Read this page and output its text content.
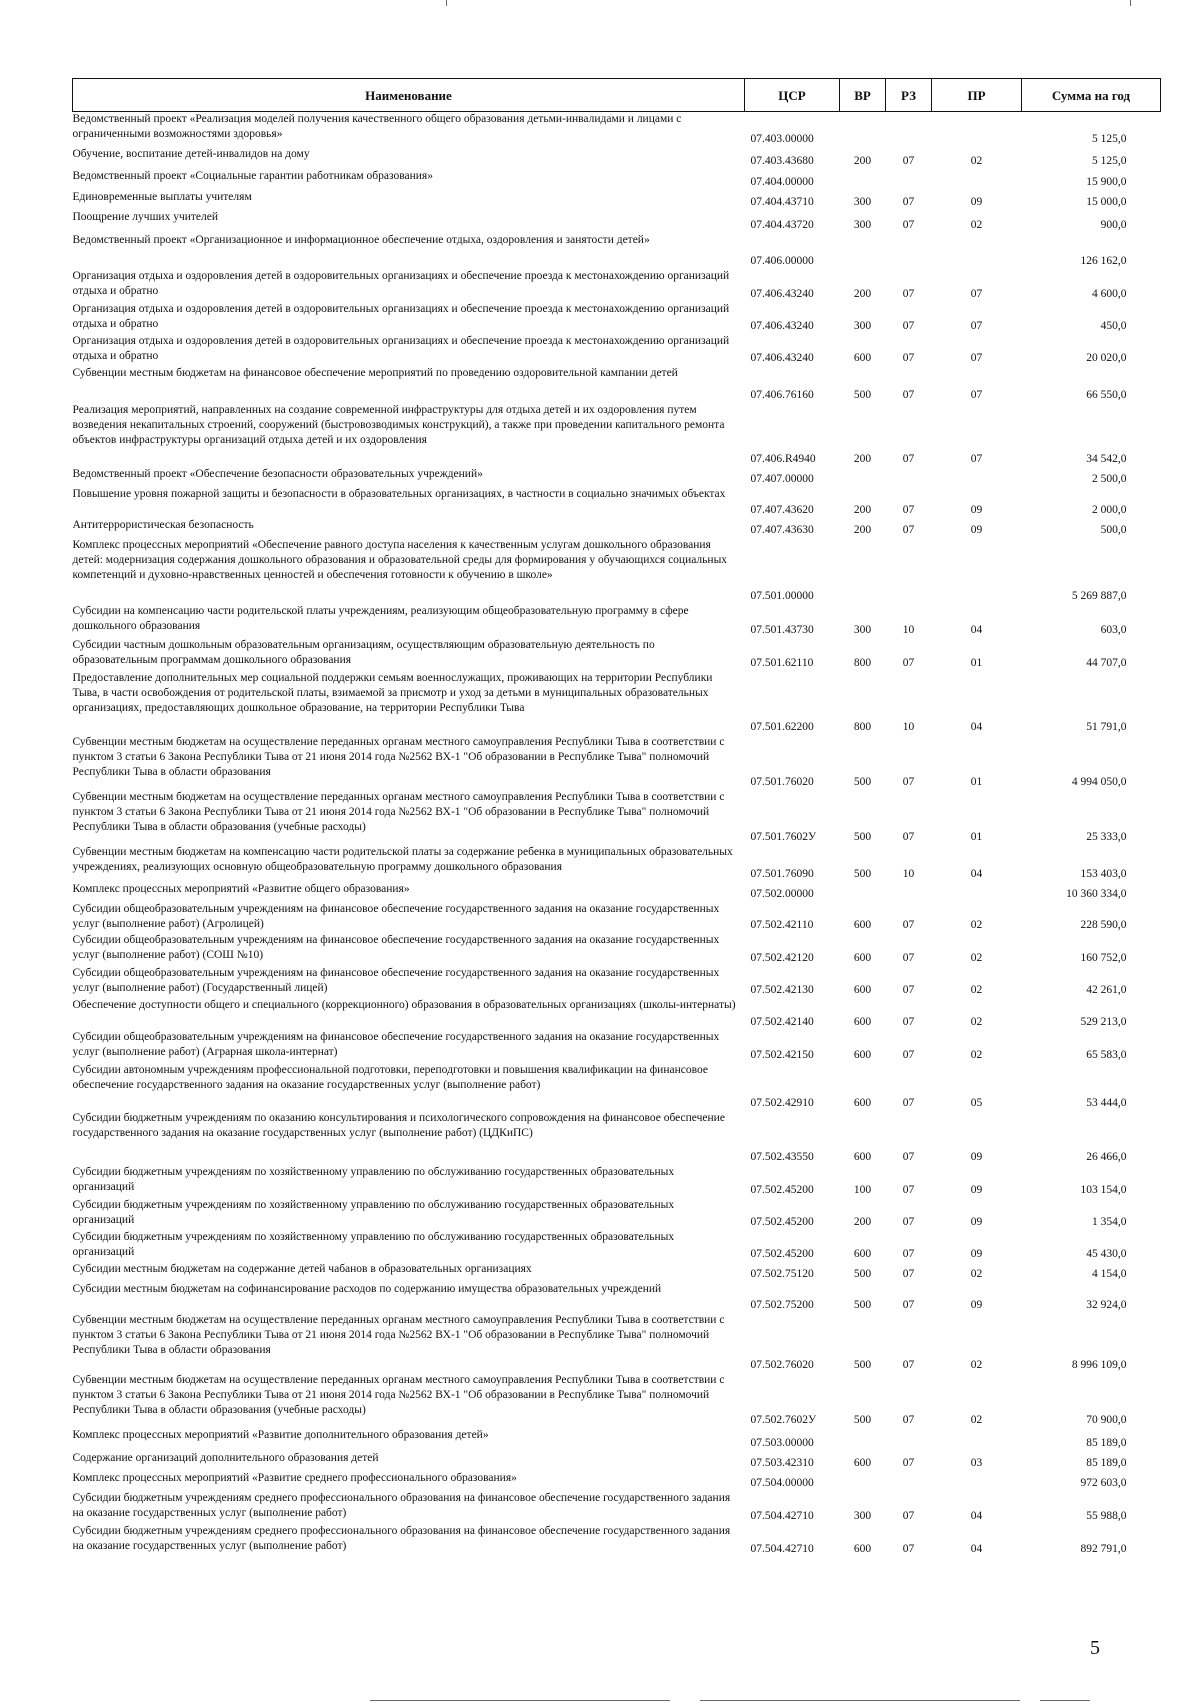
Наименование	ЦСР	ВР	РЗ	ПР	Сумма на год
Ведомственный проект «Реализация моделей получения качественного общего образования детьми-инвалидами и лицами с ограниченными возможностями здоровья»	07.403.00000				5 125,0
Обучение, воспитание детей-инвалидов на дому	07.403.43680	200	07	02	5 125,0
Ведомственный проект «Социальные гарантии работникам образования»	07.404.00000				15 900,0
Единовременные выплаты учителям	07.404.43710	300	07	09	15 000,0
Поощрение лучших учителей	07.404.43720	300	07	02	900,0
Ведомственный проект «Организационное и информационное обеспечение отдыха, оздоровления и занятости детей»	07.406.00000				126 162,0
Организация отдыха и оздоровления детей в оздоровительных организациях и обеспечение проезда к местонахождению организаций отдыха и обратно	07.406.43240	200	07	07	4 600,0
Организация отдыха и оздоровления детей в оздоровительных организациях и обеспечение проезда к местонахождению организаций отдыха и обратно	07.406.43240	300	07	07	450,0
Организация отдыха и оздоровления детей в оздоровительных организациях и обеспечение проезда к местонахождению организаций отдыха и обратно	07.406.43240	600	07	07	20 020,0
Субвенции местным бюджетам на финансовое обеспечение мероприятий по проведению оздоровительной кампании детей	07.406.76160	500	07	07	66 550,0
Реализация мероприятий, направленных на создание современной инфраструктуры для отдыха детей и их оздоровления путем возведения некапитальных строений, сооружений (быстровозводимых конструкций), а также при проведении капитального ремонта объектов инфраструктуры организаций отдыха детей и их оздоровления	07.406.R4940	200	07	07	34 542,0
Ведомственный проект «Обеспечение безопасности образовательных учреждений»	07.407.00000				2 500,0
Повышение уровня пожарной защиты и безопасности в образовательных организациях, в частности в социально значимых объектах	07.407.43620	200	07	09	2 000,0
Антитеррористическая безопасность	07.407.43630	200	07	09	500,0
Комплекс процессных мероприятий «Обеспечение равного доступа населения к качественным услугам дошкольного образования детей: модернизация содержания дошкольного образования и образовательной среды для формирования у обучающихся социальных компетенций и духовно-нравственных ценностей и обеспечения готовности к обучению в школе»	07.501.00000				5 269 887,0
Субсидии на компенсацию части родительской платы учреждениям, реализующим общеобразовательную программу в сфере дошкольного образования	07.501.43730	300	10	04	603,0
Субсидии частным дошкольным образовательным организациям, осуществляющим образовательную деятельность по образовательным программам дошкольного образования	07.501.62110	800	07	01	44 707,0
Предоставление дополнительных мер социальной поддержки семьям военнослужащих, проживающих на территории Республики Тыва, в части освобождения от родительской платы, взимаемой за присмотр и уход за детьми в муниципальных образовательных организациях, предоставляющих дошкольное образование, на территории Республики Тыва	07.501.62200	800	10	04	51 791,0
Субвенции местным бюджетам на осуществление переданных органам местного самоуправления Республики Тыва в соответствии с пунктом 3 статьи 6 Закона Республики Тыва от 21 июня 2014 года №2562 ВХ-1 "Об образовании в Республике Тыва" полномочий Республики Тыва в области образования	07.501.76020	500	07	01	4 994 050,0
Субвенции местным бюджетам на осуществление переданных органам местного самоуправления Республики Тыва в соответствии с пунктом 3 статьи 6 Закона Республики Тыва от 21 июня 2014 года №2562 ВХ-1 "Об образовании в Республике Тыва" полномочий Республики Тыва в области образования (учебные расходы)	07.501.7602У	500	07	01	25 333,0
Субвенции местным бюджетам на компенсацию части родительской платы за содержание ребенка в муниципальных образовательных учреждениях, реализующих основную общеобразовательную программу дошкольного образования	07.501.76090	500	10	04	153 403,0
Комплекс процессных мероприятий «Развитие общего образования»	07.502.00000				10 360 334,0
Субсидии общеобразовательным учреждениям на финансовое обеспечение государственного задания на оказание государственных услуг (выполнение работ) (Агролицей)	07.502.42110	600	07	02	228 590,0
Субсидии общеобразовательным учреждениям на финансовое обеспечение государственного задания на оказание государственных услуг (выполнение работ) (СОШ №10)	07.502.42120	600	07	02	160 752,0
Субсидии общеобразовательным учреждениям на финансовое обеспечение государственного задания на оказание государственных услуг (выполнение работ) (Государственный лицей)	07.502.42130	600	07	02	42 261,0
Обеспечение доступности общего и специального (коррекционного) образования в образовательных организациях (школы-интернаты)	07.502.42140	600	07	02	529 213,0
Субсидии общеобразовательным учреждениям на финансовое обеспечение государственного задания на оказание государственных услуг (выполнение работ) (Аграрная школа-интернат)	07.502.42150	600	07	02	65 583,0
Субсидии автономным учреждениям профессиональной подготовки, переподготовки и повышения квалификации на финансовое обеспечение государственного задания на оказание государственных услуг (выполнение работ)	07.502.42910	600	07	05	53 444,0
Субсидии бюджетным учреждениям по оказанию консультирования и психологического сопровождения на финансовое обеспечение государственного задания на оказание государственных услуг (выполнение работ) (ЦДКиПС)	07.502.43550	600	07	09	26 466,0
Субсидии бюджетным учреждениям по хозяйственному управлению по обслуживанию государственных образовательных организаций	07.502.45200	100	07	09	103 154,0
Субсидии бюджетным учреждениям по хозяйственному управлению по обслуживанию государственных образовательных организаций	07.502.45200	200	07	09	1 354,0
Субсидии бюджетным учреждениям по хозяйственному управлению по обслуживанию государственных образовательных организаций	07.502.45200	600	07	09	45 430,0
Субсидии местным бюджетам на содержание детей чабанов в образовательных организациях	07.502.75120	500	07	02	4 154,0
Субсидии местным бюджетам на софинансирование расходов по содержанию имущества образовательных учреждений	07.502.75200	500	07	09	32 924,0
Субвенции местным бюджетам на осуществление переданных органам местного самоуправления Республики Тыва в соответствии с пунктом 3 статьи 6 Закона Республики Тыва от 21 июня 2014 года №2562 ВХ-1 "Об образовании в Республике Тыва" полномочий Республики Тыва в области образования	07.502.76020	500	07	02	8 996 109,0
Субвенции местным бюджетам на осуществление переданных органам местного самоуправления Республики Тыва в соответствии с пунктом 3 статьи 6 Закона Республики Тыва от 21 июня 2014 года №2562 ВХ-1 "Об образовании в Республике Тыва" полномочий Республики Тыва в области образования (учебные расходы)	07.502.7602У	500	07	02	70 900,0
Комплекс процессных мероприятий «Развитие дополнительного образования детей»	07.503.00000				85 189,0
Содержание организаций дополнительного образования детей	07.503.42310	600	07	03	85 189,0
Комплекс процессных мероприятий «Развитие среднего профессионального образования»	07.504.00000				972 603,0
Субсидии бюджетным учреждениям среднего профессионального образования на финансовое обеспечение государственного задания на оказание государственных услуг (выполнение работ)	07.504.42710	300	07	04	55 988,0
Субсидии бюджетным учреждениям среднего профессионального образования на финансовое обеспечение государственного задания на оказание государственных услуг (выполнение работ)	07.504.42710	600	07	04	892 791,0
5
